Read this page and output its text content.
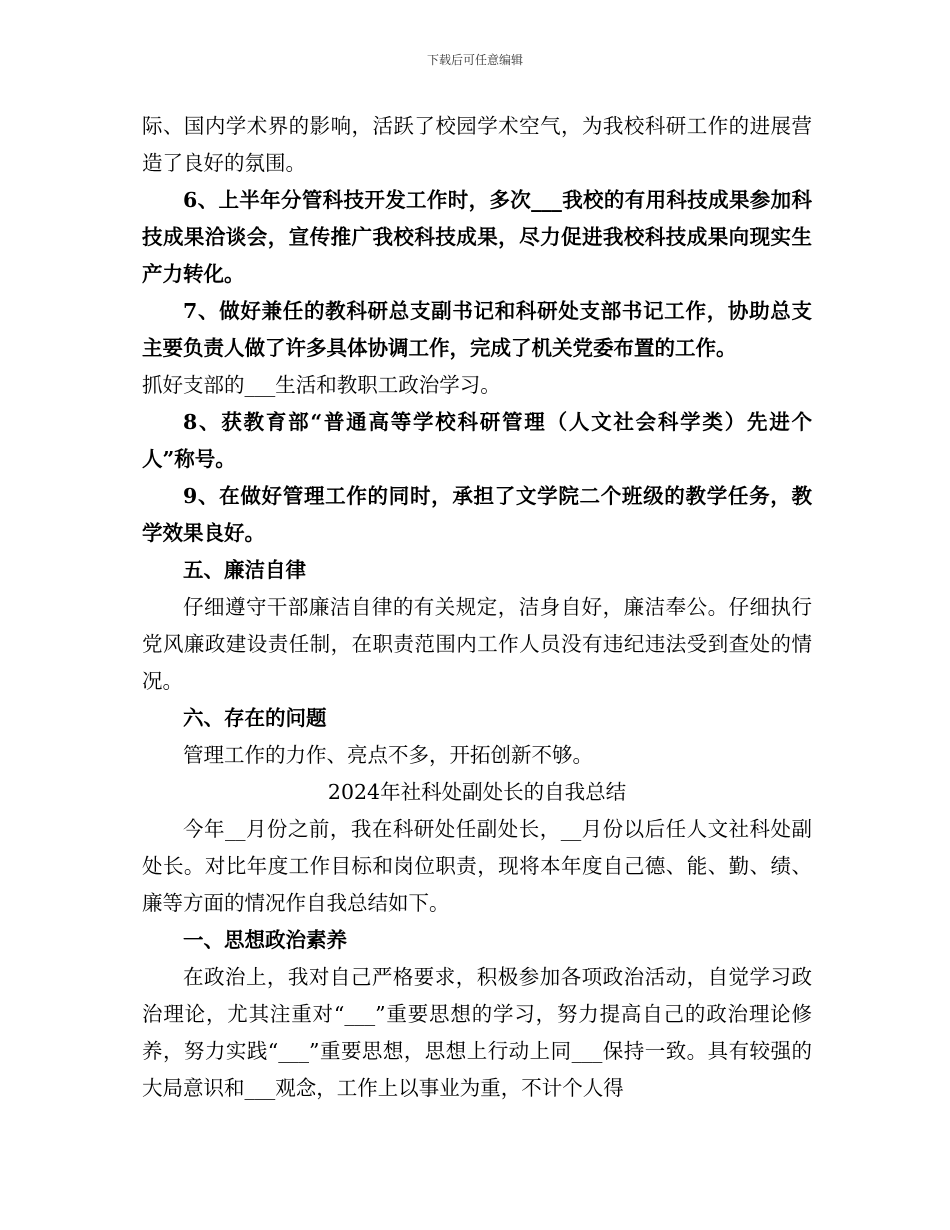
下载后可任意编辑

际、国内学术界的影响，活跃了校园学术空气，为我校科研工作的进展营造了良好的氛围。

6、上半年分管科技开发工作时，多次___我校的有用科技成果参加科技成果洽谈会，宣传推广我校科技成果，尽力促进我校科技成果向现实生产力转化。

7、做好兼任的教科研总支副书记和科研处支部书记工作，协助总支主要负责人做了许多具体协调工作，完成了机关党委布置的工作。

抓好支部的___生活和教职工政治学习。

8、获教育部“普通高等学校科研管理（人文社会科学类）先进个人”称号。

9、在做好管理工作的同时，承担了文学院二个班级的教学任务，教学效果良好。

五、廉洁自律

仔细遵守干部廉洁自律的有关规定，洁身自好，廉洁奉公。仔细执行党风廉政建设责任制，在职责范围内工作人员没有违纪违法受到查处的情况。

六、存在的问题

管理工作的力作、亮点不多，开拓创新不够。

2024年社科处副处长的自我总结

今年__月份之前，我在科研处任副处长，__月份以后任人文社科处副处长。对比年度工作目标和岗位职责，现将本年度自己德、能、勤、绩、廉等方面的情况作自我总结如下。

一、思想政治素养

在政治上，我对自己严格要求，积极参加各项政治活动，自觉学习政治理论，尤其注重对“___”重要思想的学习，努力提高自己的政治理论修养，努力实践“___”重要思想，思想上行动上同___保持一致。具有较强的大局意识和___观念，工作上以事业为重，不计个人得
